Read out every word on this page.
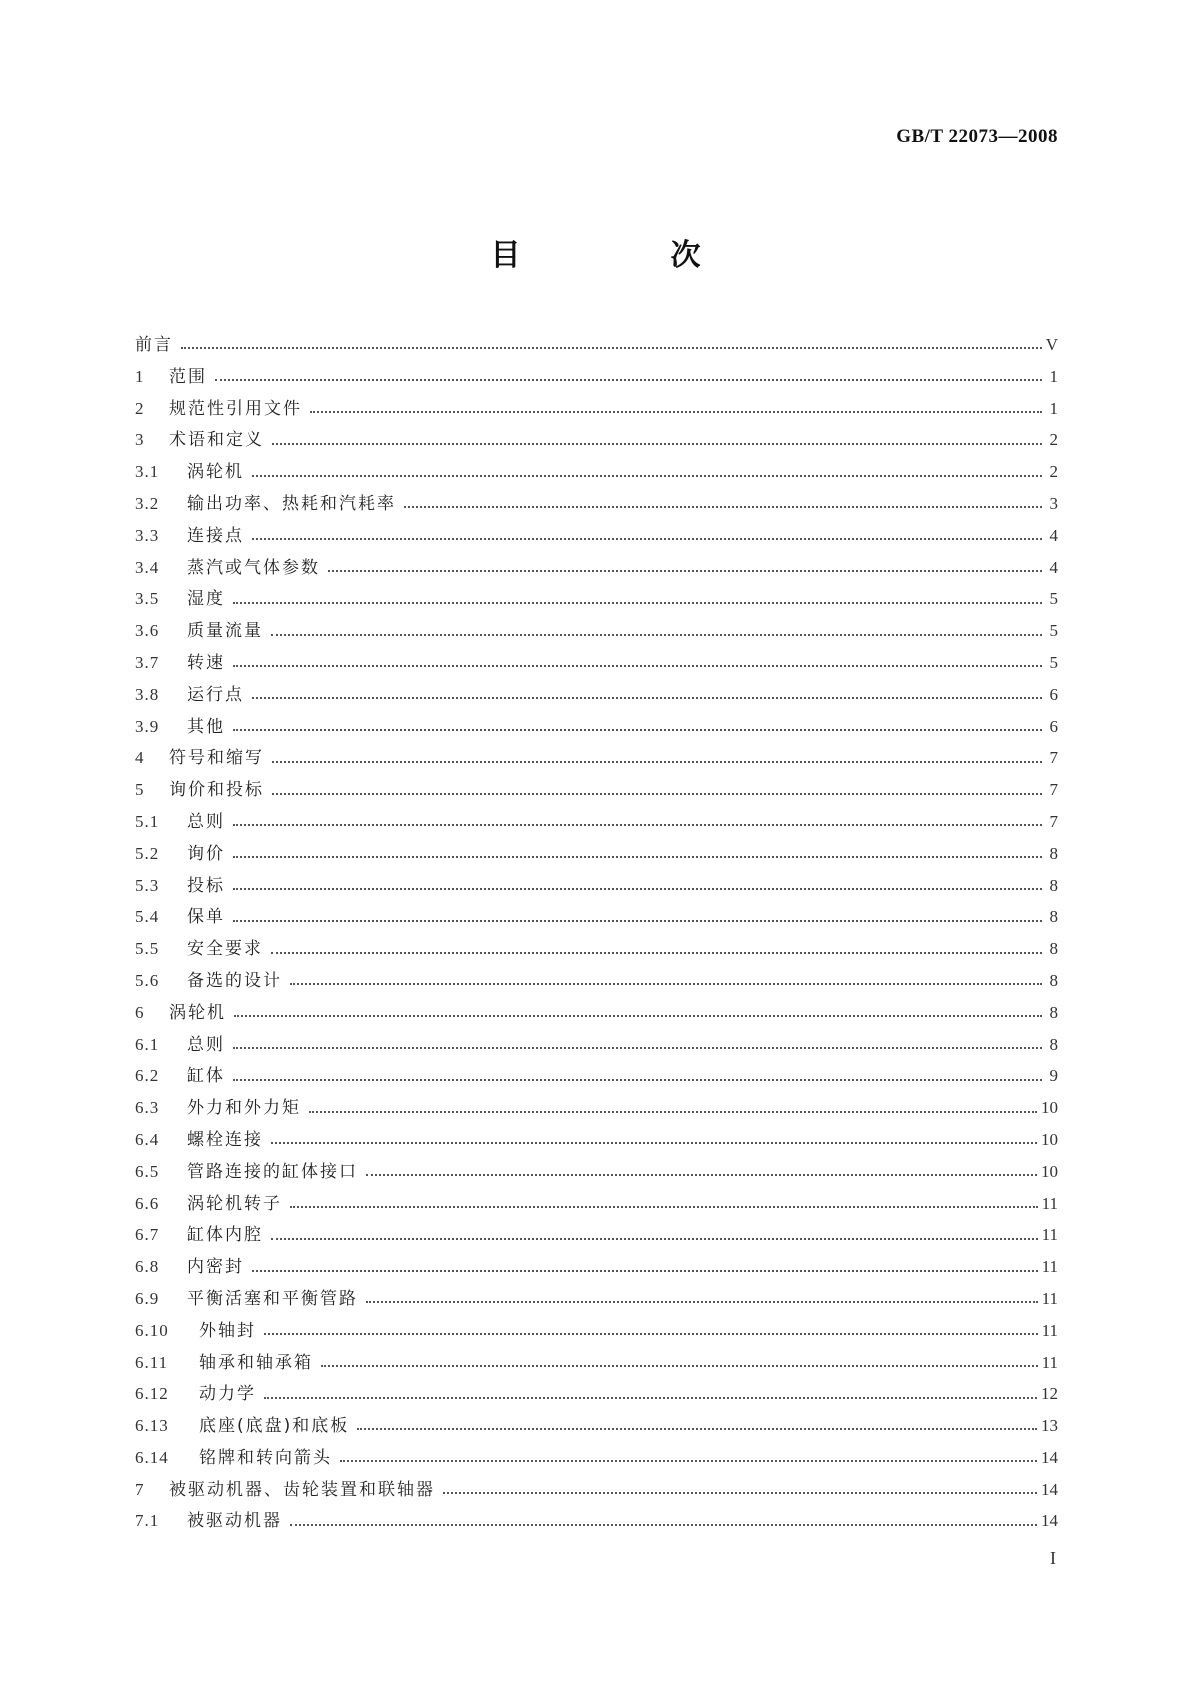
GB/T 22073—2008
目　次
前言	V
1	范围	1
2	规范性引用文件	1
3	术语和定义	2
3.1	涡轮机	2
3.2	输出功率、热耗和汽耗率	3
3.3	连接点	4
3.4	蒸汽或气体参数	4
3.5	湿度	5
3.6	质量流量	5
3.7	转速	5
3.8	运行点	6
3.9	其他	6
4	符号和缩写	7
5	询价和投标	7
5.1	总则	7
5.2	询价	8
5.3	投标	8
5.4	保单	8
5.5	安全要求	8
5.6	备选的设计	8
6	涡轮机	8
6.1	总则	8
6.2	缸体	9
6.3	外力和外力矩	10
6.4	螺栓连接	10
6.5	管路连接的缸体接口	10
6.6	涡轮机转子	11
6.7	缸体内腔	11
6.8	内密封	11
6.9	平衡活塞和平衡管路	11
6.10	外轴封	11
6.11	轴承和轴承箱	11
6.12	动力学	12
6.13	底座(底盘)和底板	13
6.14	铭牌和转向箭头	14
7	被驱动机器、齿轮装置和联轴器	14
7.1	被驱动机器	14
I
